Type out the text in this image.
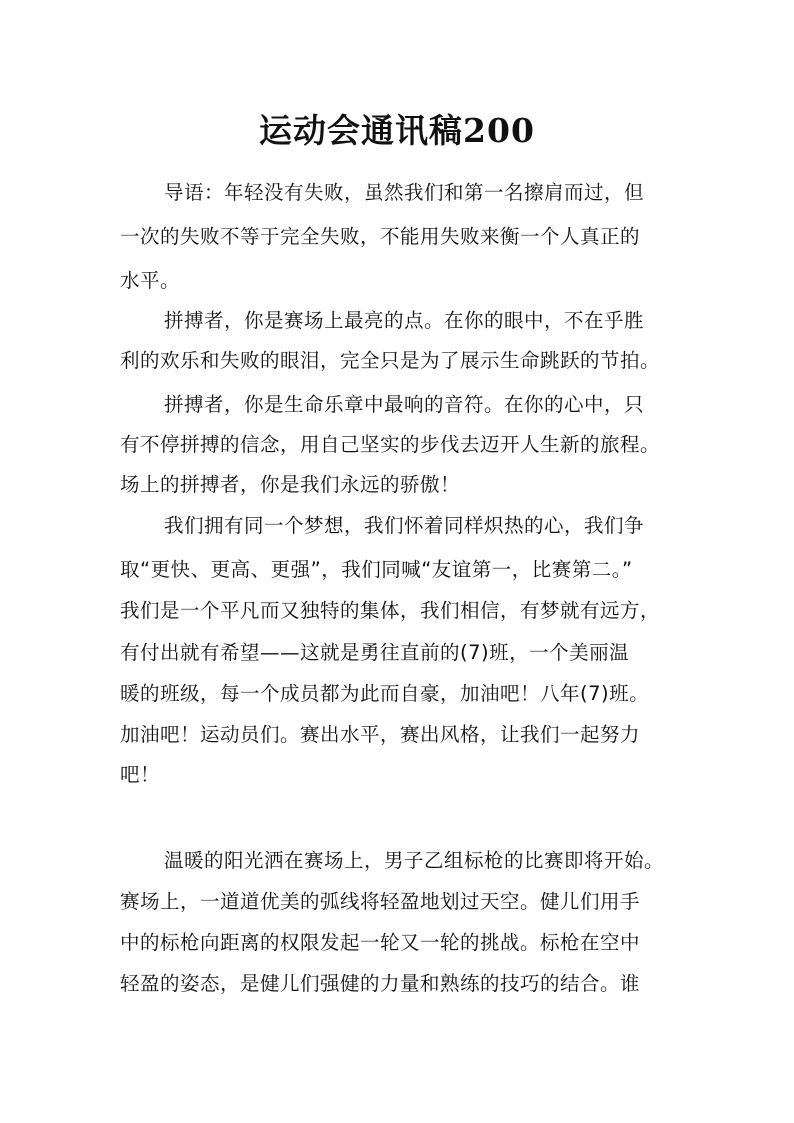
运动会通讯稿200
导语：年轻没有失败，虽然我们和第一名擦肩而过，但
一次的失败不等于完全失败，不能用失败来衡一个人真正的
水平。
拼搏者，你是赛场上最亮的点。在你的眼中，不在乎胜
利的欢乐和失败的眼泪，完全只是为了展示生命跳跃的节拍。
拼搏者，你是生命乐章中最响的音符。在你的心中，只
有不停拼搏的信念，用自己坚实的步伐去迈开人生新的旅程。
场上的拼搏者，你是我们永远的骄傲！
我们拥有同一个梦想，我们怀着同样炽热的心，我们争
取“更快、更高、更强”，我们同喊“友谊第一，比赛第二。”
我们是一个平凡而又独特的集体，我们相信，有梦就有远方，
有付出就有希望——这就是勇往直前的(7)班，一个美丽温
暖的班级，每一个成员都为此而自豪，加油吧！八年(7)班。
加油吧！运动员们。赛出水平，赛出风格，让我们一起努力
吧！
温暖的阳光洒在赛场上，男子乙组标枪的比赛即将开始。
赛场上，一道道优美的弧线将轻盈地划过天空。健儿们用手
中的标枪向距离的权限发起一轮又一轮的挑战。标枪在空中
轻盈的姿态，是健儿们强健的力量和熟练的技巧的结合。谁
